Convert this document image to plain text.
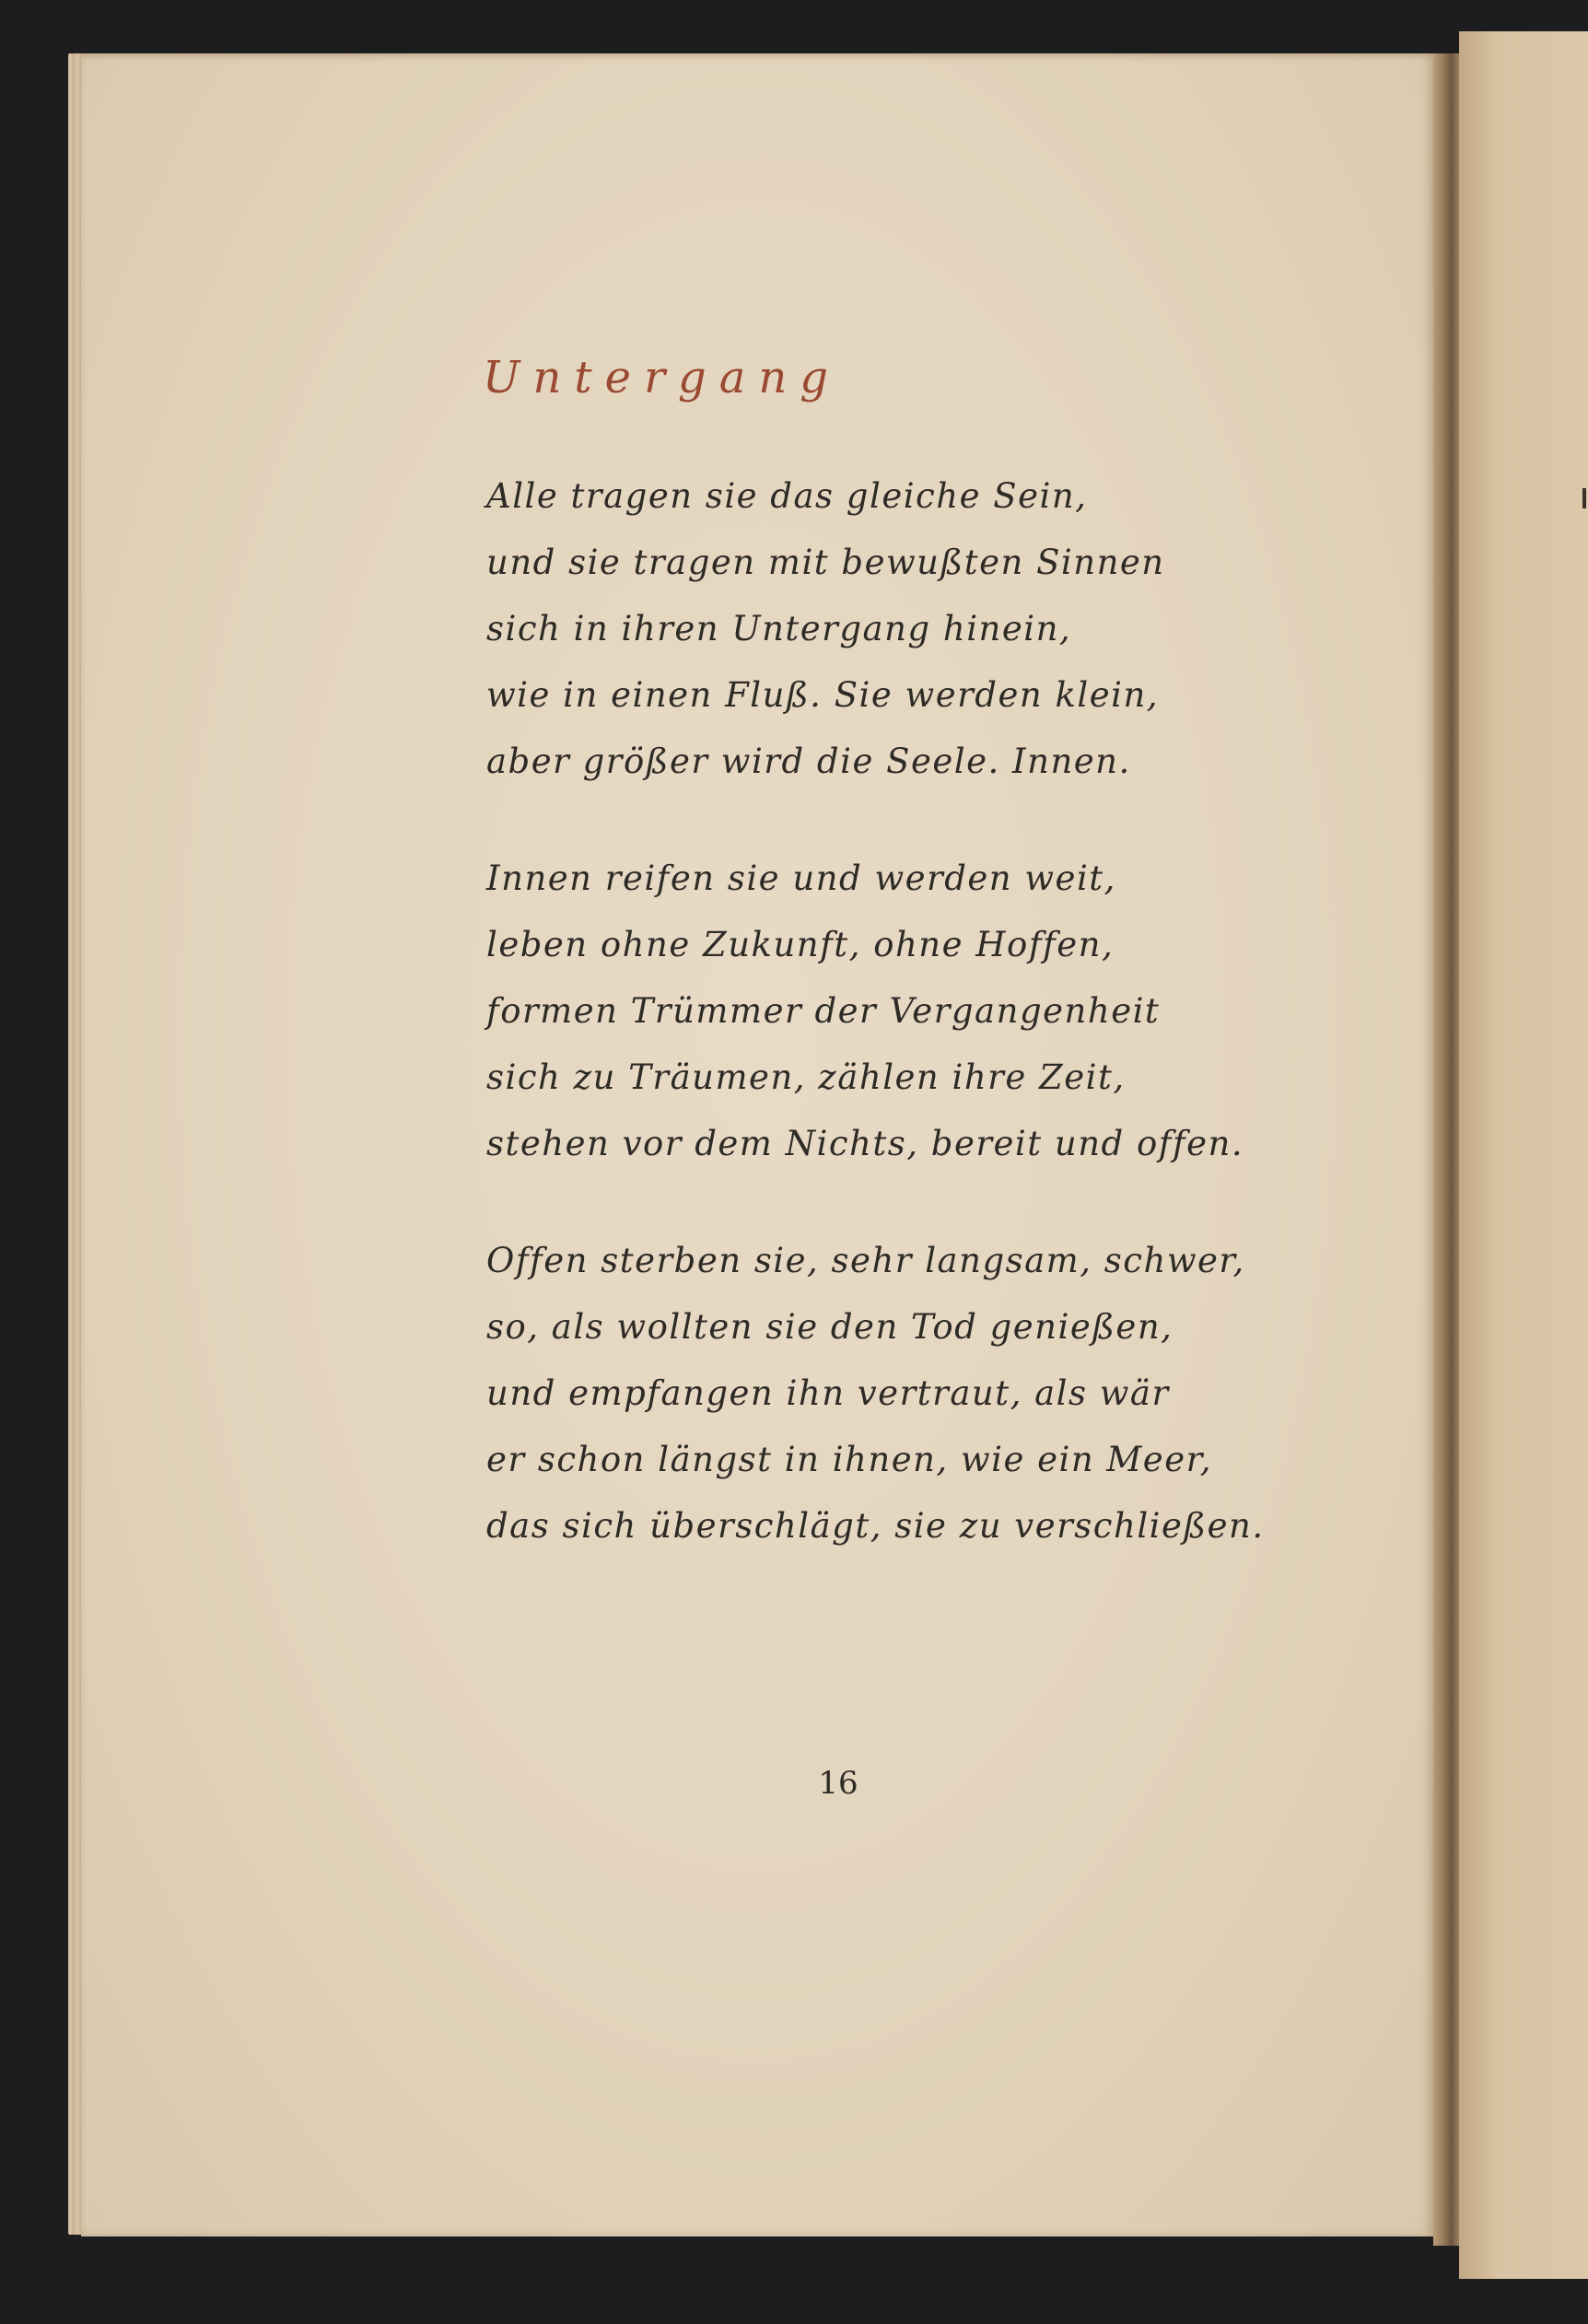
Untergang
Alle tragen sie das gleiche Sein,
und sie tragen mit bewußten Sinnen
sich in ihren Untergang hinein,
wie in einen Fluß. Sie werden klein,
aber größer wird die Seele. Innen.
Innen reifen sie und werden weit,
leben ohne Zukunft, ohne Hoffen,
formen Trümmer der Vergangenheit
sich zu Träumen, zählen ihre Zeit,
stehen vor dem Nichts, bereit und offen.
Offen sterben sie, sehr langsam, schwer,
so, als wollten sie den Tod genießen,
und empfangen ihn vertraut, als wär
er schon längst in ihnen, wie ein Meer,
das sich überschlägt, sie zu verschließen.
16
